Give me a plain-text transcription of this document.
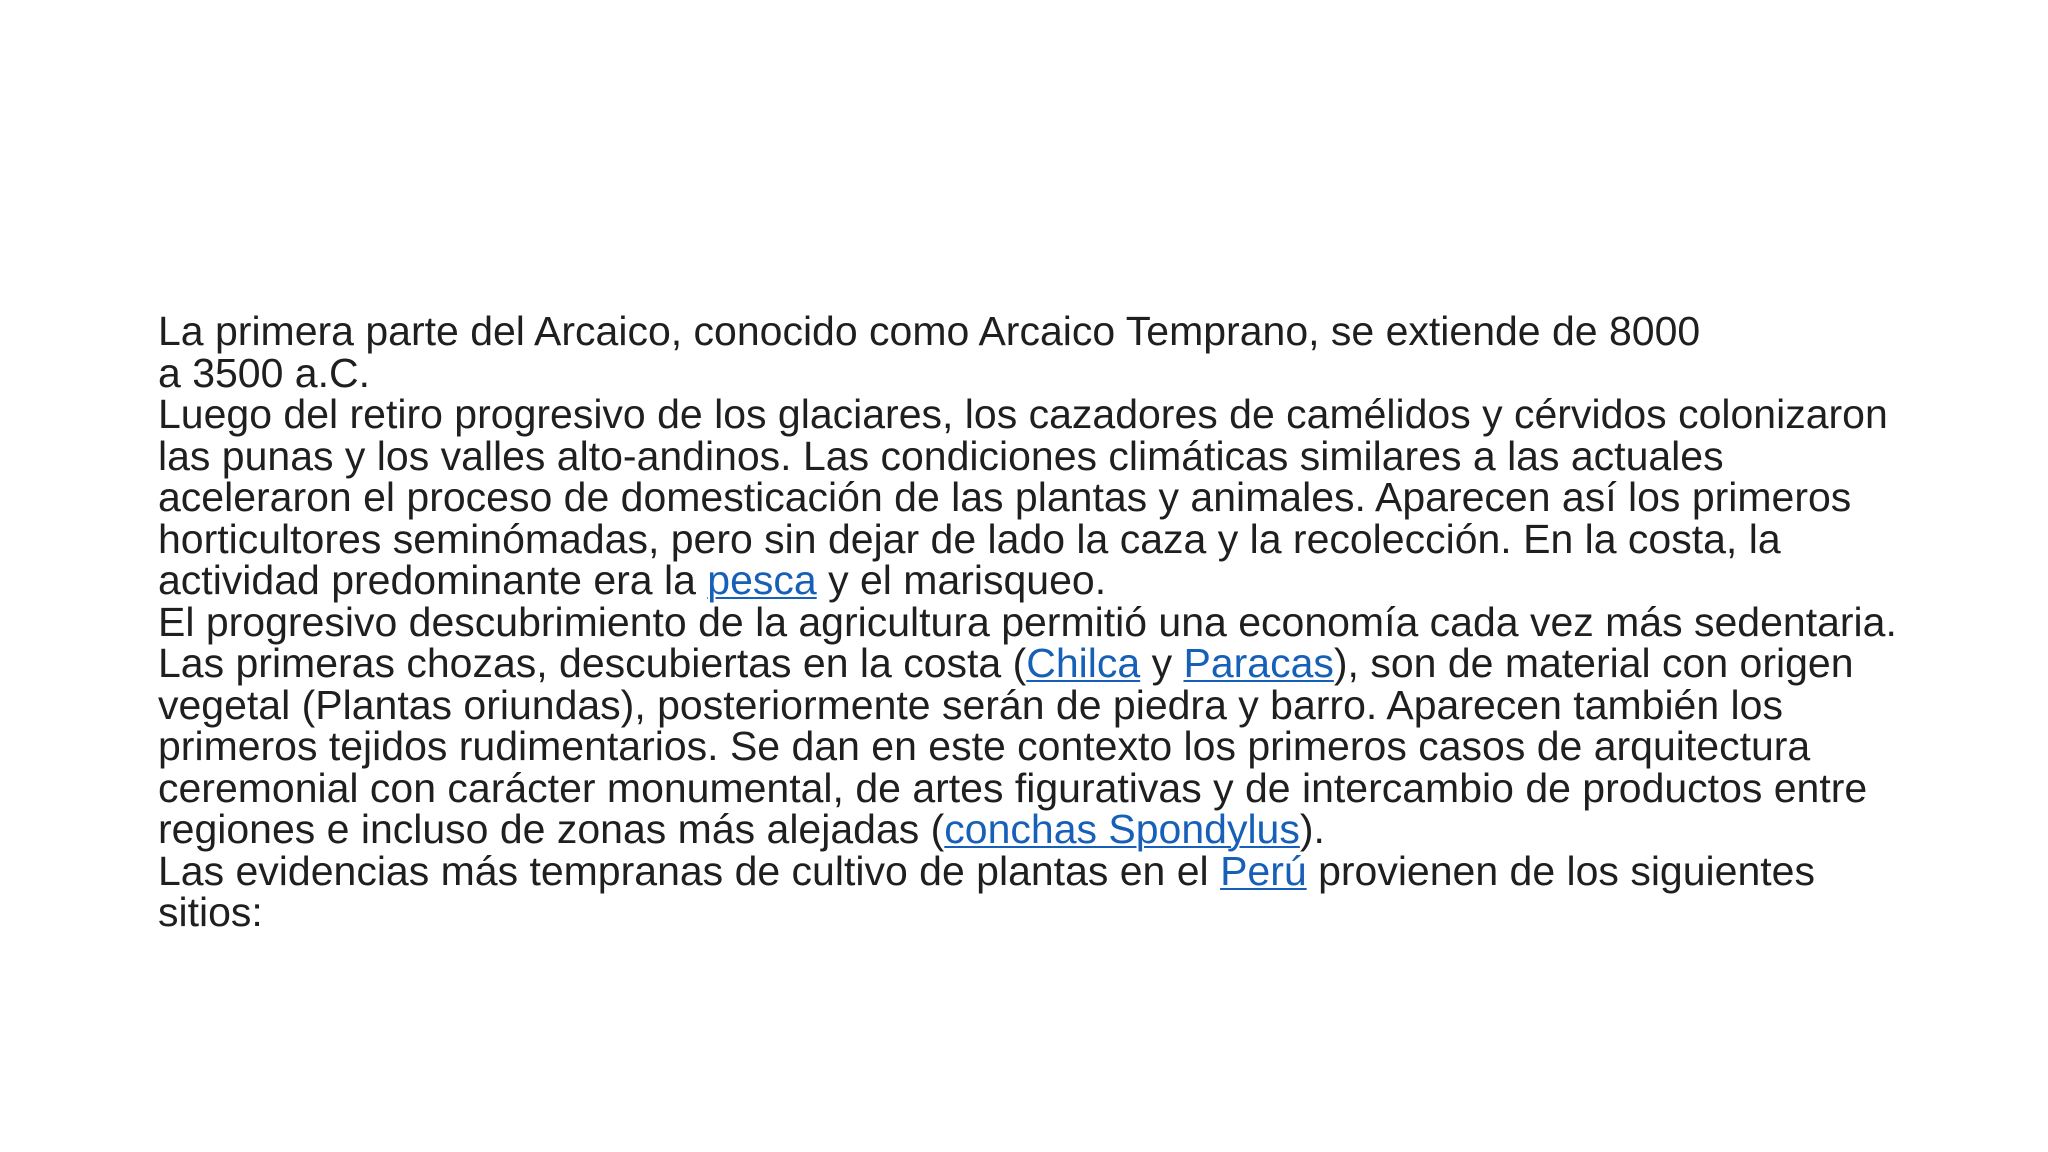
La primera parte del Arcaico, conocido como Arcaico Temprano, se extiende de 8000
a 3500 a.C.

Luego del retiro progresivo de los glaciares, los cazadores de camélidos y cérvidos colonizaron las punas y los valles alto-andinos. Las condiciones climáticas similares a las actuales aceleraron el proceso de domesticación de las plantas y animales. Aparecen así los primeros horticultores seminómadas, pero sin dejar de lado la caza y la recolección. En la costa, la actividad predominante era la pesca y el marisqueo.

El progresivo descubrimiento de la agricultura permitió una economía cada vez más sedentaria. Las primeras chozas, descubiertas en la costa (Chilca y Paracas), son de material con origen vegetal (Plantas oriundas), posteriormente serán de piedra y barro. Aparecen también los primeros tejidos rudimentarios. Se dan en este contexto los primeros casos de arquitectura ceremonial con carácter monumental, de artes figurativas y de intercambio de productos entre regiones e incluso de zonas más alejadas (conchas Spondylus).

Las evidencias más tempranas de cultivo de plantas en el Perú provienen de los siguientes sitios:
